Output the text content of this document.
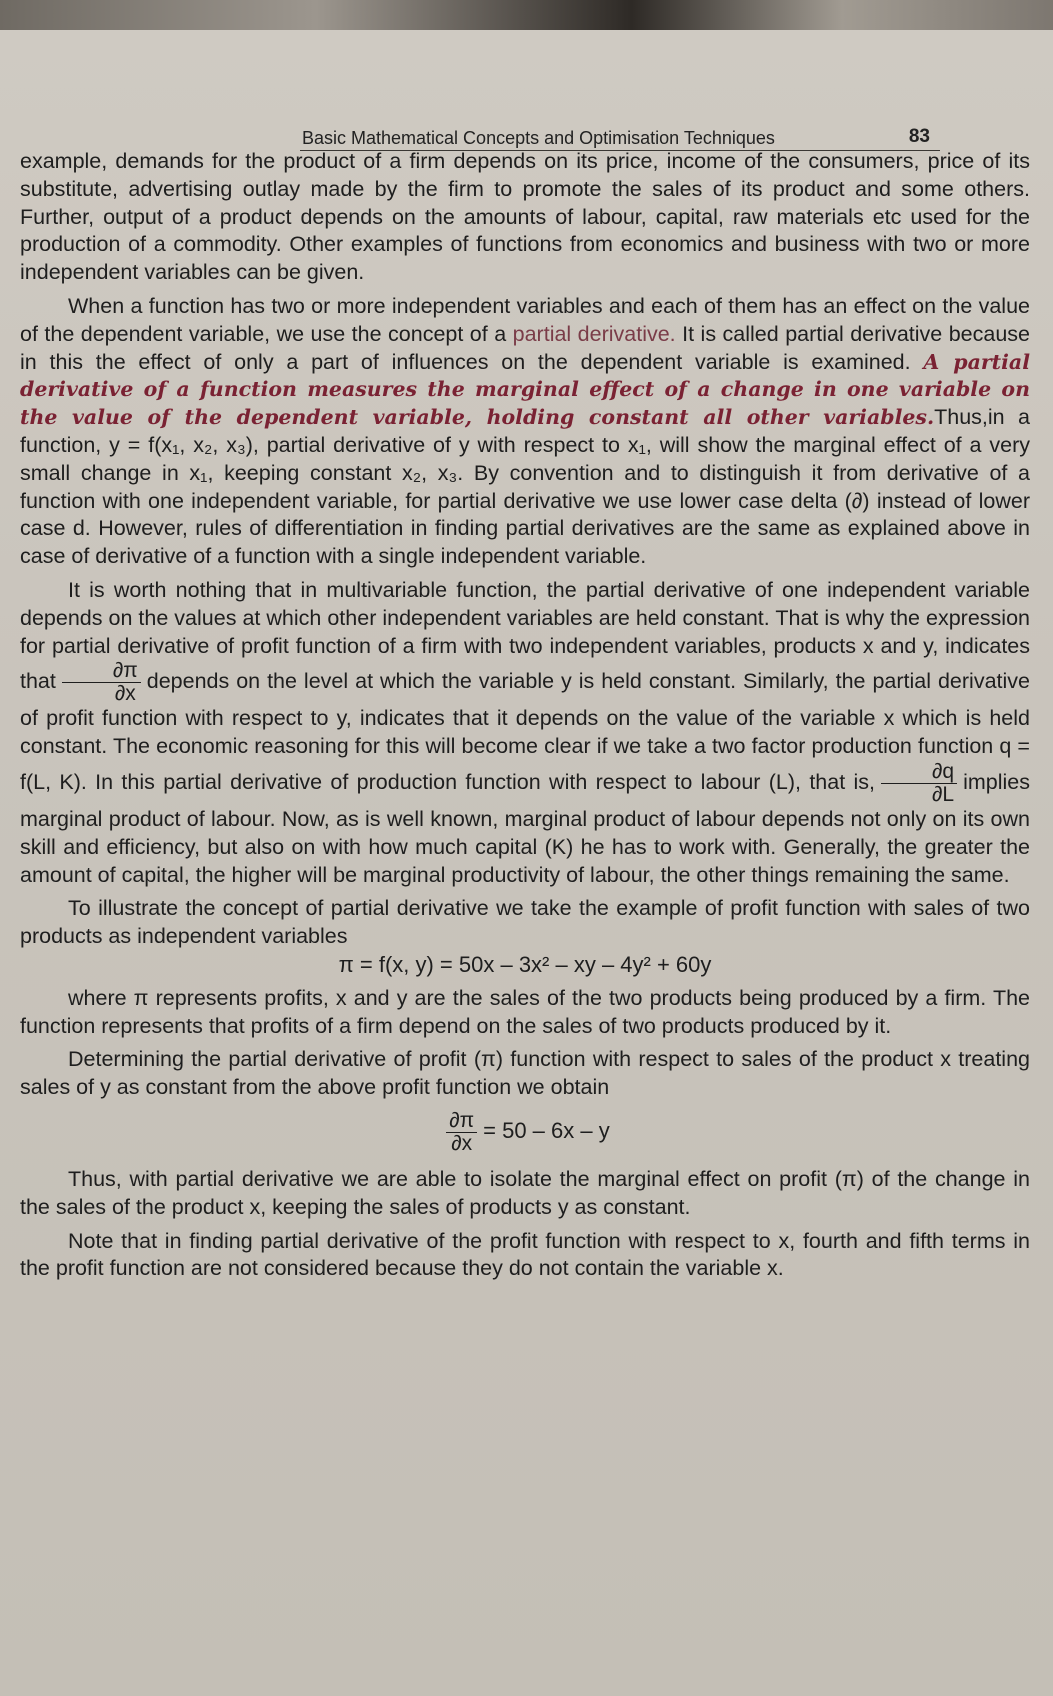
Basic Mathematical Concepts and Optimisation Techniques	83

example, demands for the product of a firm depends on its price, income of the consumers, price of its substitute, advertising outlay made by the firm to promote the sales of its product and some others. Further, output of a product depends on the amounts of labour, capital, raw materials etc used for the production of a commodity. Other examples of functions from economics and business with two or more independent variables can be given.

When a function has two or more independent variables and each of them has an effect on the value of the dependent variable, we use the concept of a partial derivative. It is called partial derivative because in this the effect of only a part of influences on the dependent variable is examined. A partial derivative of a function measures the marginal effect of a change in one variable on the value of the dependent variable, holding constant all other variables.Thus,in a function, y = f(x₁, x₂, x₃), partial derivative of y with respect to x₁, will show the marginal effect of a very small change in x₁, keeping constant x₂, x₃. By convention and to distinguish it from derivative of a function with one independent variable, for partial derivative we use lower case delta (∂) instead of lower case d. However, rules of differentiation in finding partial derivatives are the same as explained above in case of derivative of a function with a single independent variable.

It is worth nothing that in multivariable function, the partial derivative of one independent variable depends on the values at which other independent variables are held constant. That is why the expression for partial derivative of profit function of a firm with two independent variables, products x and y, indicates that $\frac{\partial\pi}{\partial x}$ depends on the level at which the variable y is held constant. Similarly, the partial derivative of profit function with respect to y, indicates that it depends on the value of the variable x which is held constant. The economic reasoning for this will become clear if we take a two factor production function q = f(L, K). In this partial derivative of production function with respect to labour (L), that is, $\frac{\partial q}{\partial L}$ implies marginal product of labour. Now, as is well known, marginal product of labour depends not only on its own skill and efficiency, but also on with how much capital (K) he has to work with. Generally, the greater the amount of capital, the higher will be marginal productivity of labour, the other things remaining the same.

To illustrate the concept of partial derivative we take the example of profit function with sales of two products as independent variables

π = f(x, y) = 50x – 3x² – xy – 4y² + 60y

where π represents profits, x and y are the sales of the two products being produced by a firm. The function represents that profits of a firm depend on the sales of two products produced by it.

Determining the partial derivative of profit (π) function with respect to sales of the product x treating sales of y as constant from the above profit function we obtain

$\frac{\partial\pi}{\partial x} = 50 - 6x - y$

Thus, with partial derivative we are able to isolate the marginal effect on profit (π) of the change in the sales of the product x, keeping the sales of products y as constant.

Note that in finding partial derivative of the profit function with respect to x, fourth and fifth terms in the profit function are not considered because they do not contain the variable x.
